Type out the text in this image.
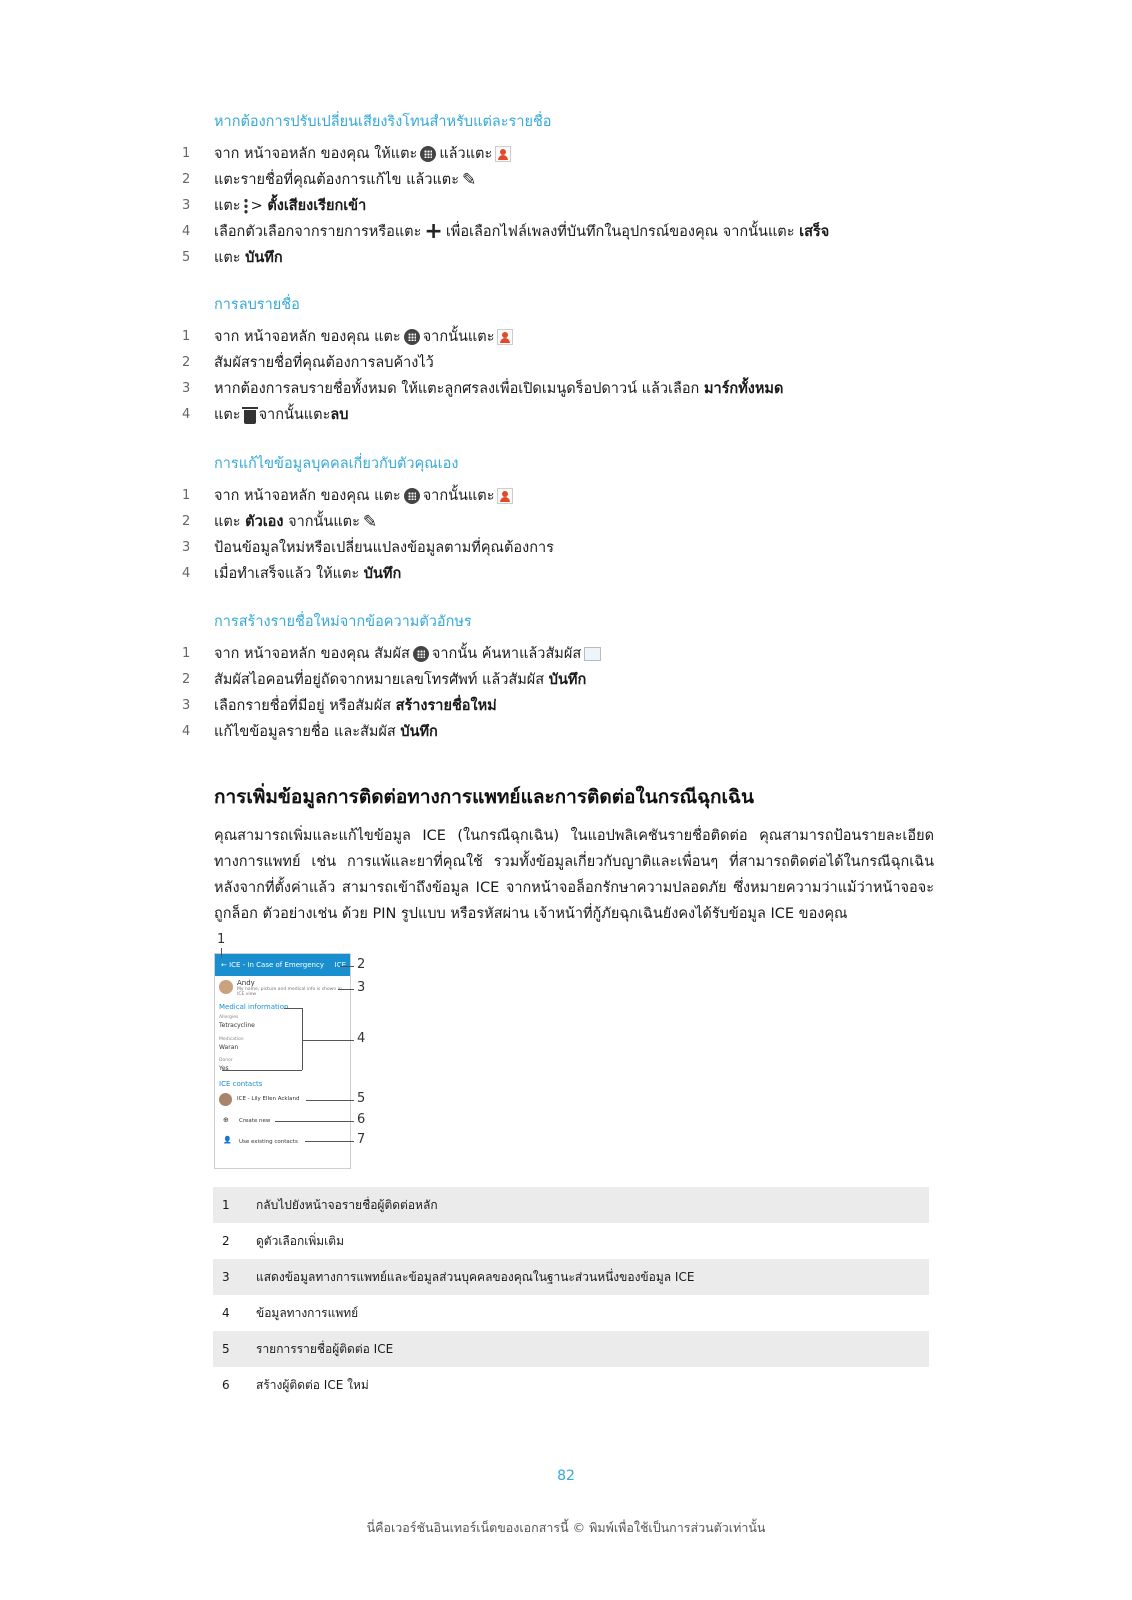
หากต้องการปรับเปลี่ยนเสียงริงโทนสำหรับแต่ละรายชื่อ
1	จาก หน้าจอหลัก ของคุณ ให้แตะ แล้วแตะ
2	แตะรายชื่อที่คุณต้องการแก้ไข แล้วแตะ ✎
3	แตะ >
ตั้งเสียงเรียกเข้า
4	เลือกตัวเลือกจากรายการหรือแตะ + เพื่อเลือกไฟล์เพลงที่บันทึกในอุปกรณ์ของคุณ จากนั้นแตะ
เสร็จ
5	แตะ
บันทึก
การลบรายชื่อ
1	จาก หน้าจอหลัก ของคุณ แตะ จากนั้นแตะ
2	สัมผัสรายชื่อที่คุณต้องการลบค้างไว้
3	หากต้องการลบรายชื่อทั้งหมด ให้แตะลูกศรลงเพื่อเปิดเมนูดร็อปดาวน์ แล้วเลือก
มาร์กทั้งหมด
4	แตะ จากนั้นแตะ ลบ
การแก้ไขข้อมูลบุคคลเกี่ยวกับตัวคุณเอง
1	จาก หน้าจอหลัก ของคุณ แตะ จากนั้นแตะ
2	แตะ
ตัวเอง
จากนั้นแตะ ✎
3	ป้อนข้อมูลใหม่หรือเปลี่ยนแปลงข้อมูลตามที่คุณต้องการ
4	เมื่อทำเสร็จแล้ว ให้แตะ
บันทึก
การสร้างรายชื่อใหม่จากข้อความตัวอักษร
1	จาก หน้าจอหลัก ของคุณ สัมผัส จากนั้น ค้นหาแล้วสัมผัส
2	สัมผัสไอคอนที่อยู่ถัดจากหมายเลขโทรศัพท์ แล้วสัมผัส
บันทึก
3	เลือกรายชื่อที่มีอยู่ หรือสัมผัส
สร้างรายชื่อใหม่
4	แก้ไขข้อมูลรายชื่อ และสัมผัส
บันทึก
การเพิ่มข้อมูลการติดต่อทางการแพทย์และการติดต่อในกรณีฉุกเฉิน

คุณสามารถเพิ่มและแก้ไขข้อมูล ICE (ในกรณีฉุกเฉิน) ในแอปพลิเคชันรายชื่อติดต่อ คุณสามารถป้อนรายละเอียดทางการแพทย์ เช่น การแพ้และยาที่คุณใช้ รวมทั้งข้อมูลเกี่ยวกับญาติและเพื่อนๆ ที่สามารถติดต่อได้ในกรณีฉุกเฉิน หลังจากที่ตั้งค่าแล้ว สามารถเข้าถึงข้อมูล ICE จากหน้าจอล็อกรักษาความปลอดภัย ซึ่งหมายความว่าแม้ว่าหน้าจอจะถูกล็อก ตัวอย่างเช่น ด้วย PIN รูปแบบ หรือรหัสผ่าน เจ้าหน้าที่กู้ภัยฉุกเฉินยังคงได้รับข้อมูล ICE ของคุณ

← ICE - In Case of Emergency ICE
Andy
My name, picture and medical info is shown in ICE view
Medical information
Allergies
Tetracycline
Medication
Waran
Donor
Yes
ICE contacts
ICE - Lily Ellen Ackland
⊕ Create new
👤 Use existing contacts
1
2
3
4
5
6
7
1	กลับไปยังหน้าจอรายชื่อผู้ติดต่อหลัก
2	ดูตัวเลือกเพิ่มเติม
3	แสดงข้อมูลทางการแพทย์และข้อมูลส่วนบุคคลของคุณในฐานะส่วนหนึ่งของข้อมูล ICE
4	ข้อมูลทางการแพทย์
5	รายการรายชื่อผู้ติดต่อ ICE
6	สร้างผู้ติดต่อ ICE ใหม่
82
นี่คือเวอร์ชันอินเทอร์เน็ตของเอกสารนี้ © พิมพ์เพื่อใช้เป็นการส่วนตัวเท่านั้น
